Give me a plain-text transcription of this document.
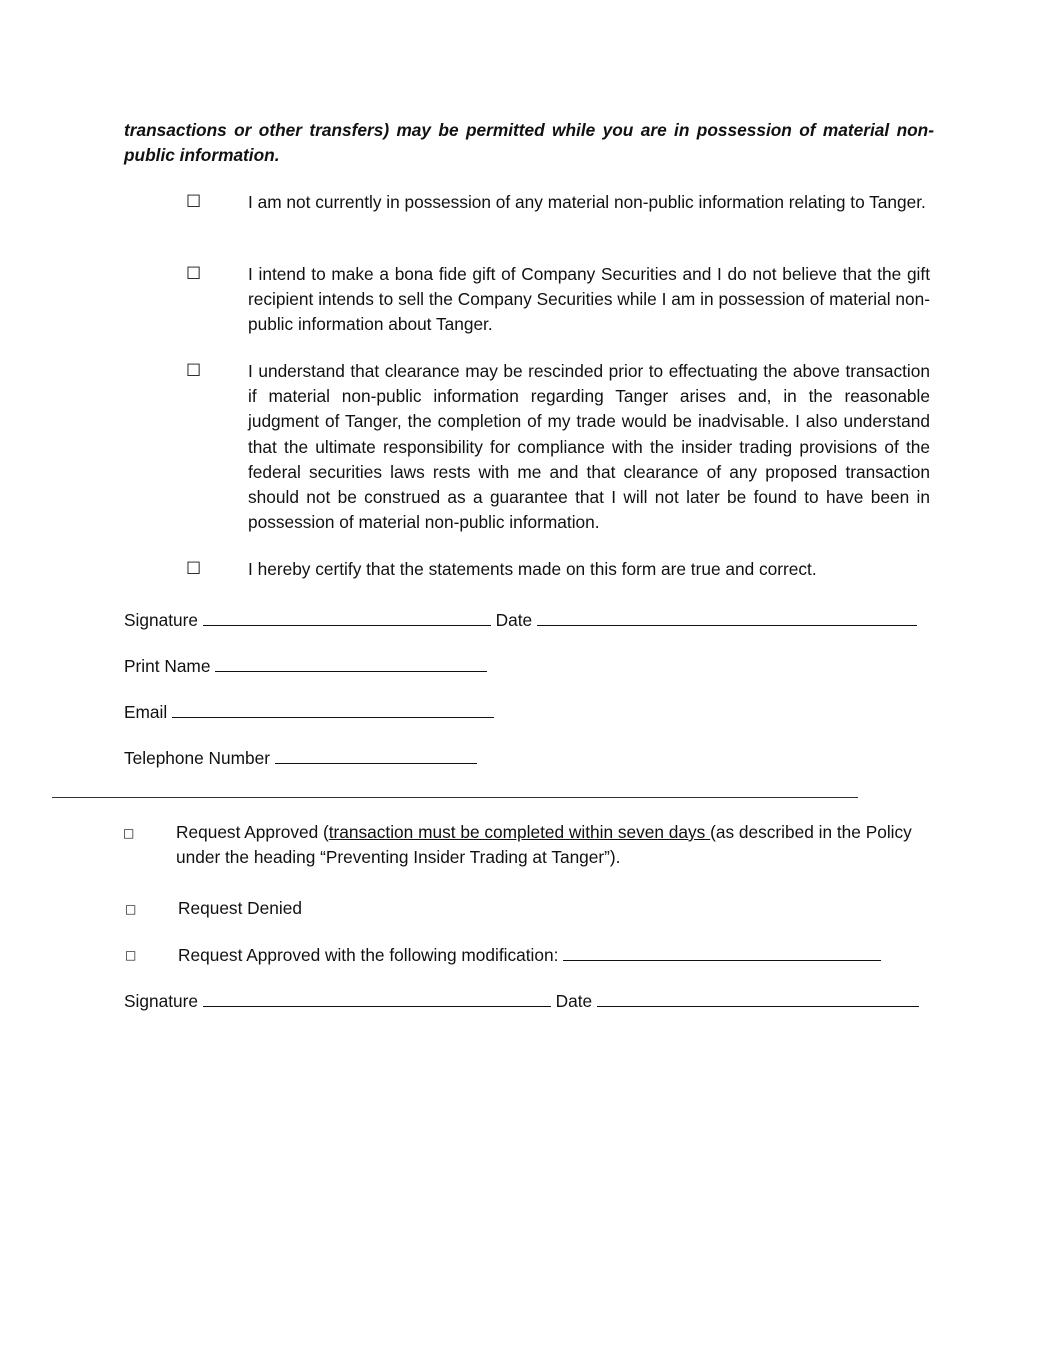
transactions or other transfers) may be permitted while you are in possession of material non-public information.
☐	I am not currently in possession of any material non-public information relating to Tanger.
☐	I intend to make a bona fide gift of Company Securities and I do not believe that the gift recipient intends to sell the Company Securities while I am in possession of material non-public information about Tanger.
☐	I understand that clearance may be rescinded prior to effectuating the above transaction if material non-public information regarding Tanger arises and, in the reasonable judgment of Tanger, the completion of my trade would be inadvisable. I also understand that the ultimate responsibility for compliance with the insider trading provisions of the federal securities laws rests with me and that clearance of any proposed transaction should not be construed as a guarantee that I will not later be found to have been in possession of material non-public information.
☐	I hereby certify that the statements made on this form are true and correct.
Signature	Date
Print Name
Email
Telephone Number
□ Request Approved (transaction must be completed within seven days (as described in the Policy under the heading “Preventing Insider Trading at Tanger”).
□ Request Denied
□ Request Approved with the following modification:
Signature	Date
